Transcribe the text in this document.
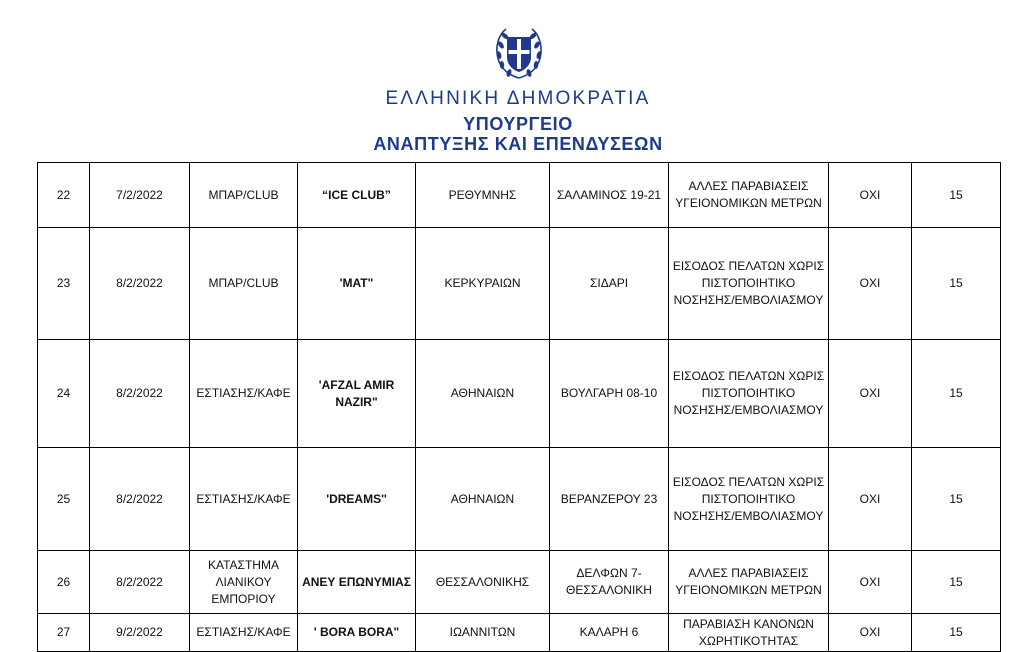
ΕΛΛΗΝΙΚΗ ΔΗΜΟΚΡΑΤΙΑ
ΥΠΟΥΡΓΕΙΟ
ΑΝΑΠΤΥΞΗΣ ΚΑΙ ΕΠΕΝΔΥΣΕΩΝ
22	7/2/2022	ΜΠΑΡ/CLUB	“ICE CLUB”	ΡΕΘΥΜΝΗΣ	ΣΑΛΑΜΙΝΟΣ 19-21	ΑΛΛΕΣ ΠΑΡΑΒΙΑΣΕΙΣ ΥΓΕΙΟΝΟΜΙΚΩΝ ΜΕΤΡΩΝ	ΟΧΙ	15
23	8/2/2022	ΜΠΑΡ/CLUB	'MAT"	ΚΕΡΚΥΡΑΙΩΝ	ΣΙΔΑΡΙ	ΕΙΣΟΔΟΣ ΠΕΛΑΤΩΝ ΧΩΡΙΣ ΠΙΣΤΟΠΟΙΗΤΙΚΟ ΝΟΣΗΣΗΣ/ΕΜΒΟΛΙΑΣΜΟΥ	ΟΧΙ	15
24	8/2/2022	ΕΣΤΙΑΣΗΣ/ΚΑΦΕ	'AFZAL AMIR NAZIR"	ΑΘΗΝΑΙΩΝ	ΒΟΥΛΓΑΡΗ 08-10	ΕΙΣΟΔΟΣ ΠΕΛΑΤΩΝ ΧΩΡΙΣ ΠΙΣΤΟΠΟΙΗΤΙΚΟ ΝΟΣΗΣΗΣ/ΕΜΒΟΛΙΑΣΜΟΥ	ΟΧΙ	15
25	8/2/2022	ΕΣΤΙΑΣΗΣ/ΚΑΦΕ	'DREAMS''	ΑΘΗΝΑΙΩΝ	ΒΕΡΑΝΖΕΡΟΥ 23	ΕΙΣΟΔΟΣ ΠΕΛΑΤΩΝ ΧΩΡΙΣ ΠΙΣΤΟΠΟΙΗΤΙΚΟ ΝΟΣΗΣΗΣ/ΕΜΒΟΛΙΑΣΜΟΥ	ΟΧΙ	15
26	8/2/2022	ΚΑΤΑΣΤΗΜΑ ΛΙΑΝΙΚΟΥ ΕΜΠΟΡΙΟΥ	ΑΝΕΥ ΕΠΩΝΥΜΙΑΣ	ΘΕΣΣΑΛΟΝΙΚΗΣ	ΔΕΛΦΩΝ 7- ΘΕΣΣΑΛΟΝΙΚΗ	ΑΛΛΕΣ ΠΑΡΑΒΙΑΣΕΙΣ ΥΓΕΙΟΝΟΜΙΚΩΝ ΜΕΤΡΩΝ	ΟΧΙ	15
27	9/2/2022	ΕΣΤΙΑΣΗΣ/ΚΑΦΕ	' BORA BORA"	ΙΩΑΝΝΙΤΩΝ	ΚΑΛΑΡΗ 6	ΠΑΡΑΒΙΑΣΗ ΚΑΝΟΝΩΝ ΧΩΡΗΤΙΚΟΤΗΤΑΣ	ΟΧΙ	15
